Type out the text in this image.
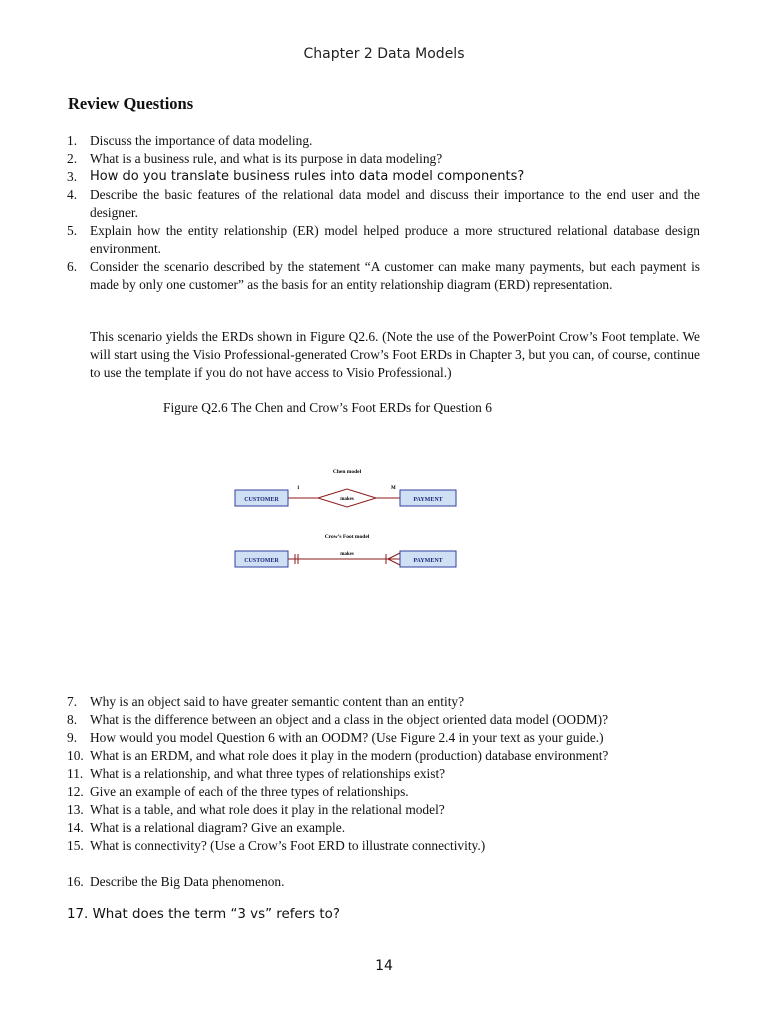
Chapter 2 Data Models
Review Questions
1. Discuss the importance of data modeling.
2. What is a business rule, and what is its purpose in data modeling?
3. How do you translate business rules into data model components?
4. Describe the basic features of the relational data model and discuss their importance to the end user and the designer.
5. Explain how the entity relationship (ER) model helped produce a more structured relational database design environment.
6. Consider the scenario described by the statement “A customer can make many payments, but each payment is made by only one customer” as the basis for an entity relationship diagram (ERD) representation.
This scenario yields the ERDs shown in Figure Q2.6. (Note the use of the PowerPoint Crow’s Foot template. We will start using the Visio Professional-generated Crow’s Foot ERDs in Chapter 3, but you can, of course, continue to use the template if you do not have access to Visio Professional.)
Figure Q2.6 The Chen and Crow’s Foot ERDs for Question 6
Chen model
1	M
CUSTOMER	makes	PAYMENT
Crow’s Foot model
makes
CUSTOMER	PAYMENT
7. Why is an object said to have greater semantic content than an entity?
8. What is the difference between an object and a class in the object oriented data model (OODM)?
9. How would you model Question 6 with an OODM? (Use Figure 2.4 in your text as your guide.)
10. What is an ERDM, and what role does it play in the modern (production) database environment?
11. What is a relationship, and what three types of relationships exist?
12. Give an example of each of the three types of relationships.
13. What is a table, and what role does it play in the relational model?
14. What is a relational diagram? Give an example.
15. What is connectivity? (Use a Crow’s Foot ERD to illustrate connectivity.)
16. Describe the Big Data phenomenon.
17. What does the term “3 vs” refers to?
14
